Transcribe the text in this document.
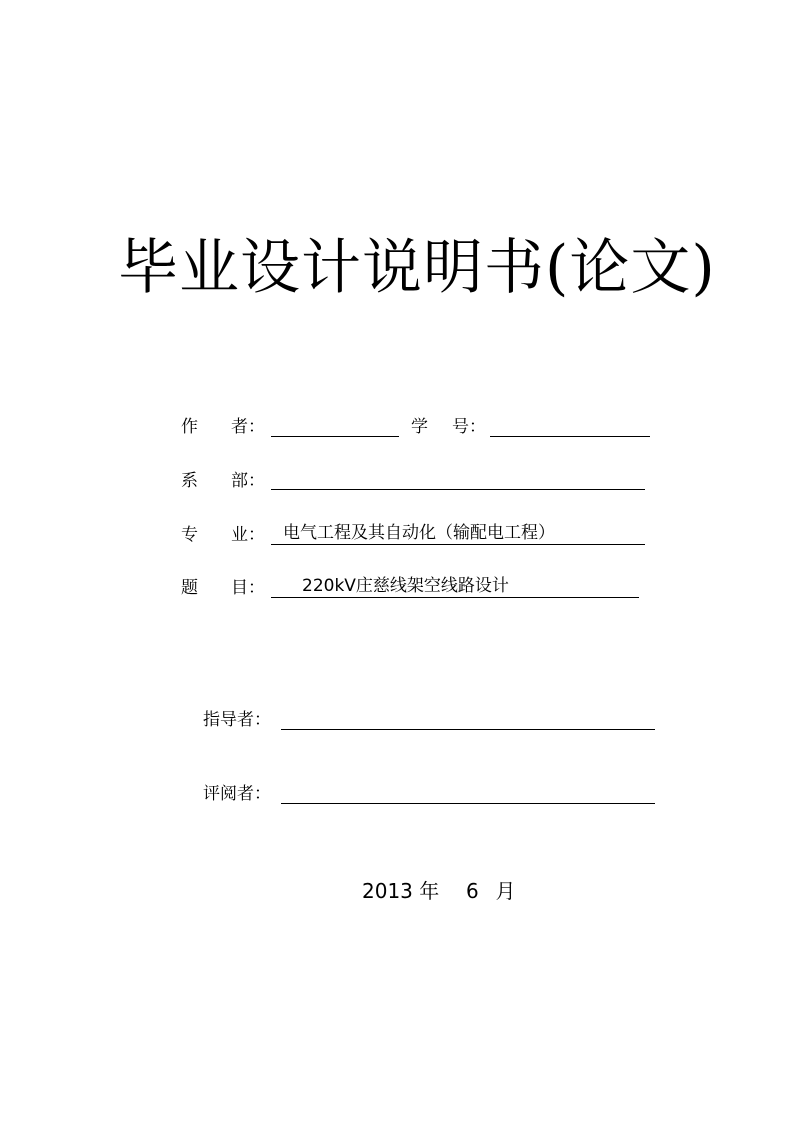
毕业设计说明书(论文)
作 者：	学 号：
系 部：
专 业： 电气工程及其自动化（输配电工程）
题 目： 220kV庄慈线架空线路设计
指导者：
评阅者：
2013 年 6 月
